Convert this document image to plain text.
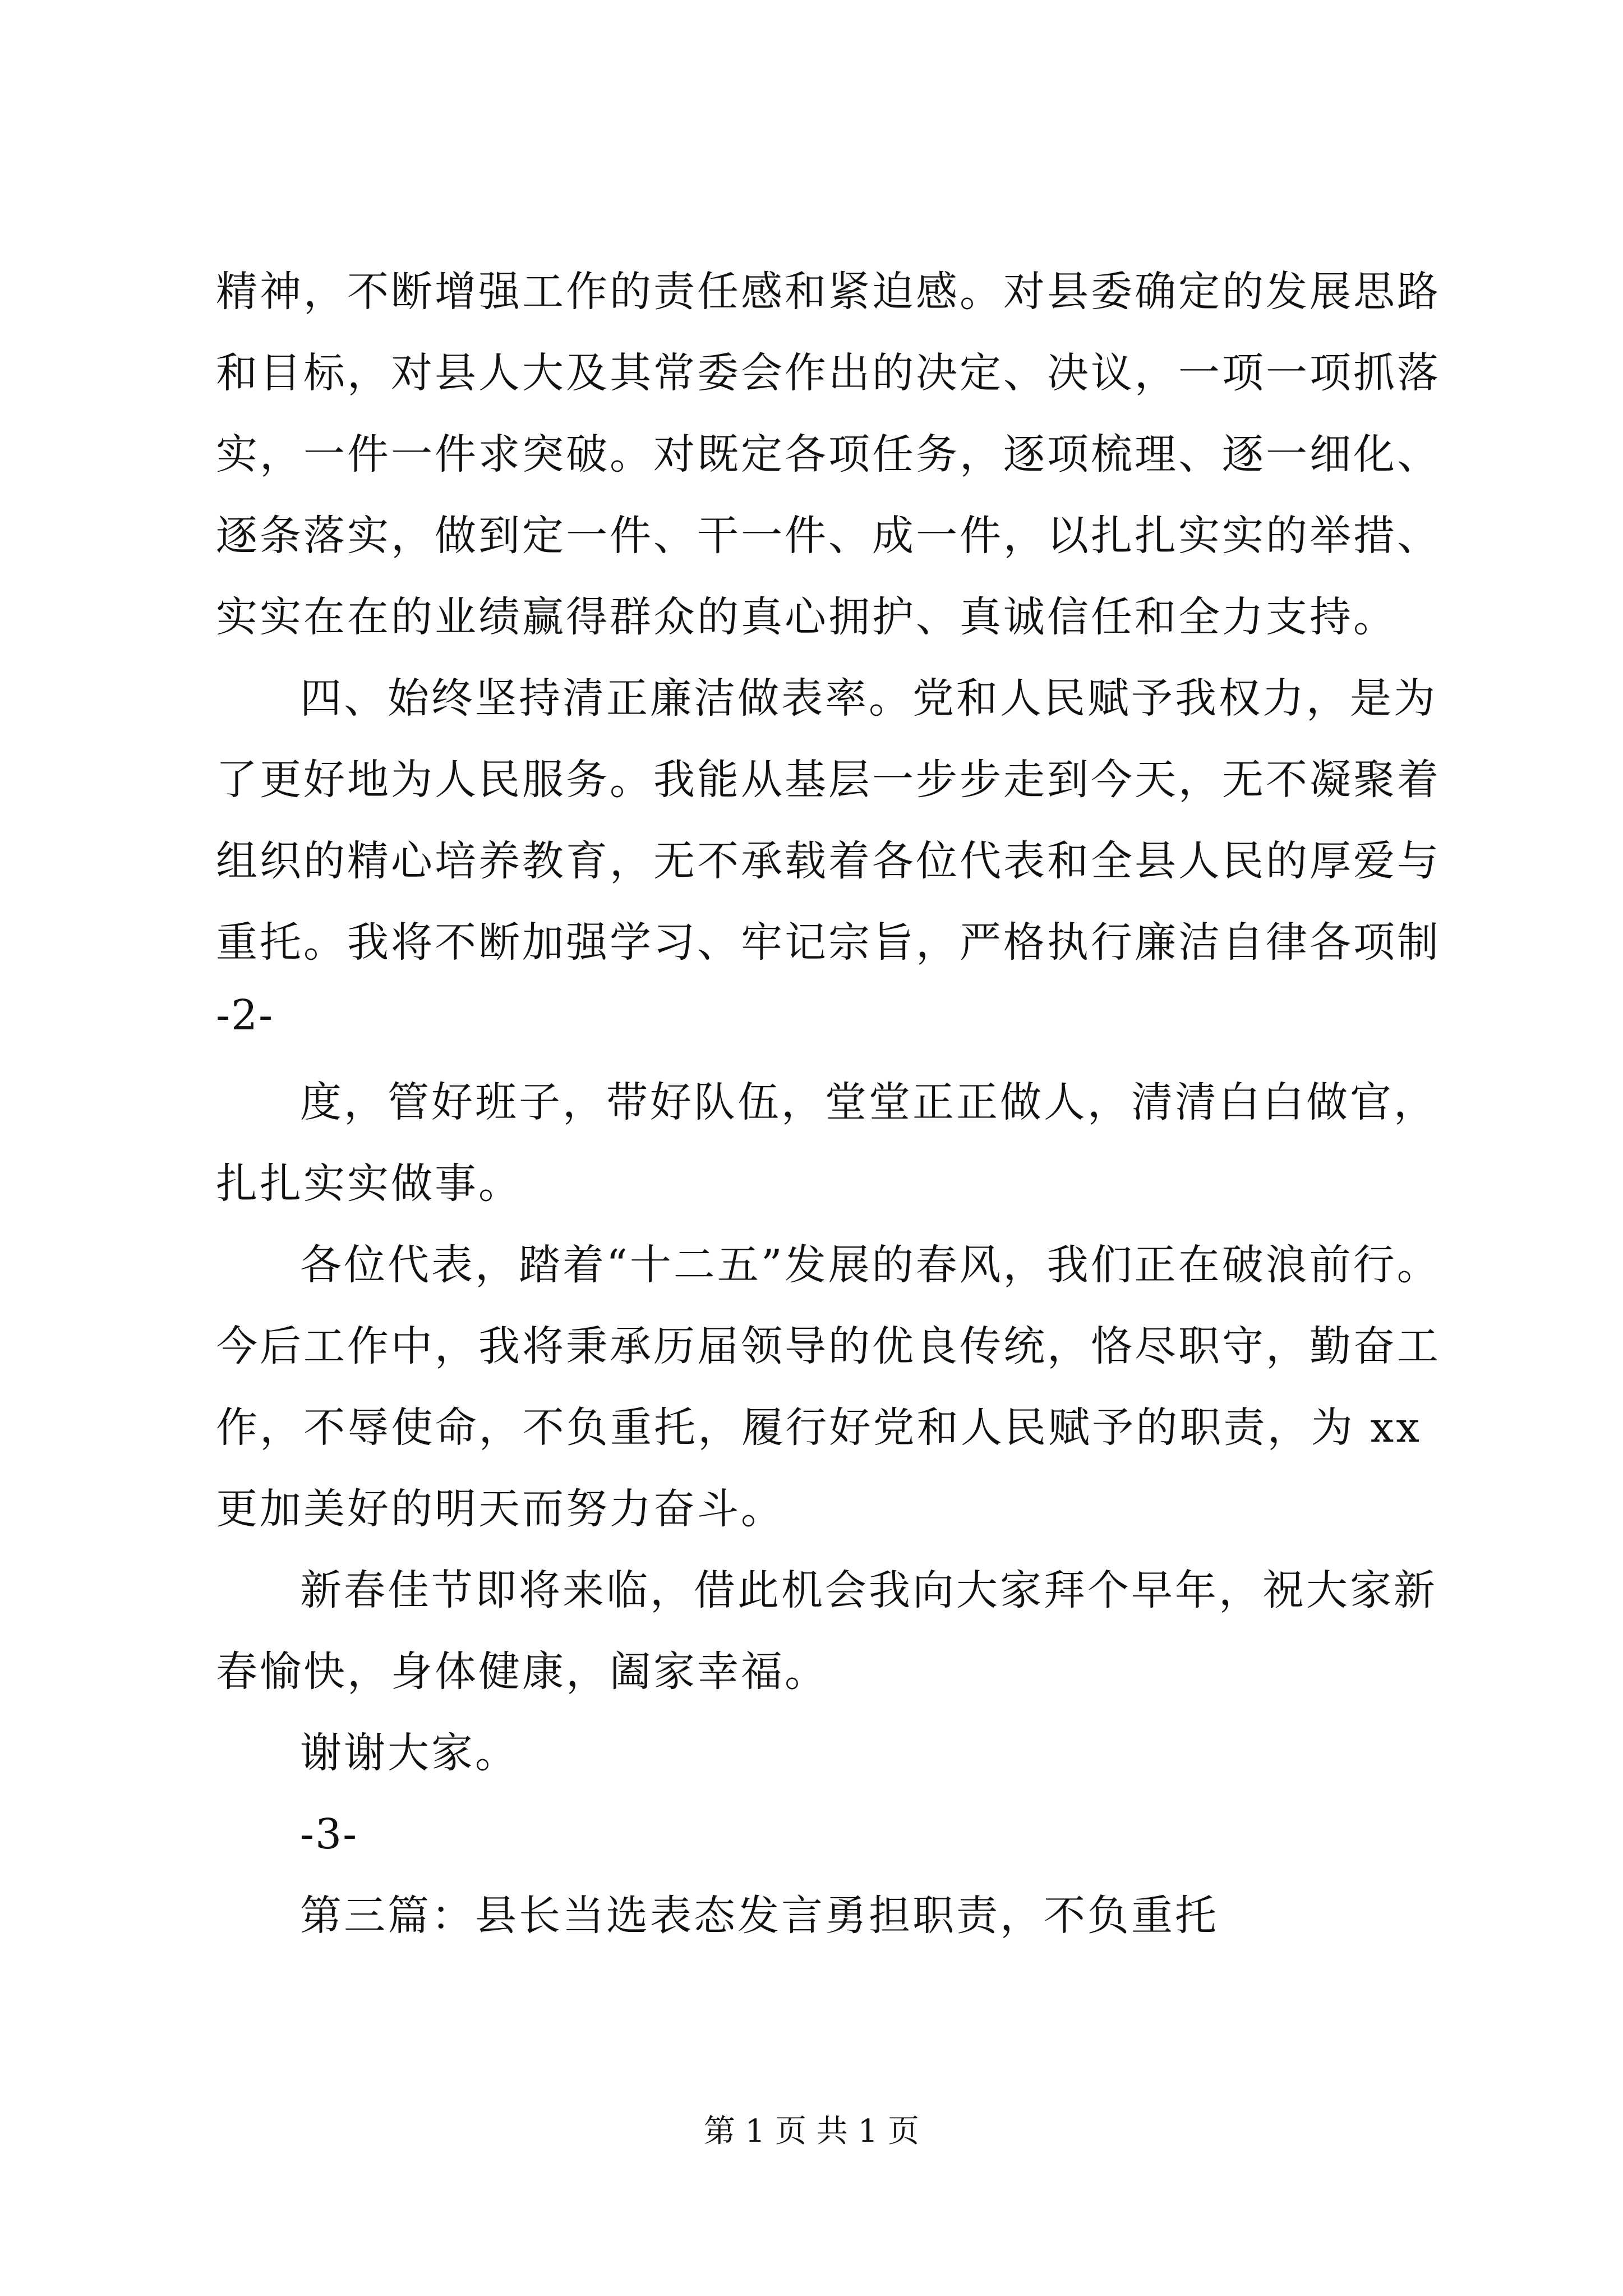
精神，不断增强工作的责任感和紧迫感。对县委确定的发展思路
和目标，对县人大及其常委会作出的决定、决议，一项一项抓落
实，一件一件求突破。对既定各项任务，逐项梳理、逐一细化、
逐条落实，做到定一件、干一件、成一件，以扎扎实实的举措、
实实在在的业绩赢得群众的真心拥护、真诚信任和全力支持。
四、始终坚持清正廉洁做表率。党和人民赋予我权力，是为
了更好地为人民服务。我能从基层一步步走到今天，无不凝聚着
组织的精心培养教育，无不承载着各位代表和全县人民的厚爱与
重托。我将不断加强学习、牢记宗旨，严格执行廉洁自律各项制
-2-
度，管好班子，带好队伍，堂堂正正做人，清清白白做官，
扎扎实实做事。
各位代表，踏着“十二五”发展的春风，我们正在破浪前行。
今后工作中，我将秉承历届领导的优良传统，恪尽职守，勤奋工
作，不辱使命，不负重托，履行好党和人民赋予的职责，为 xx
更加美好的明天而努力奋斗。
新春佳节即将来临，借此机会我向大家拜个早年，祝大家新
春愉快，身体健康，阖家幸福。
谢谢大家。
-3-
第三篇：县长当选表态发言勇担职责，不负重托
第 1 页 共 1 页
